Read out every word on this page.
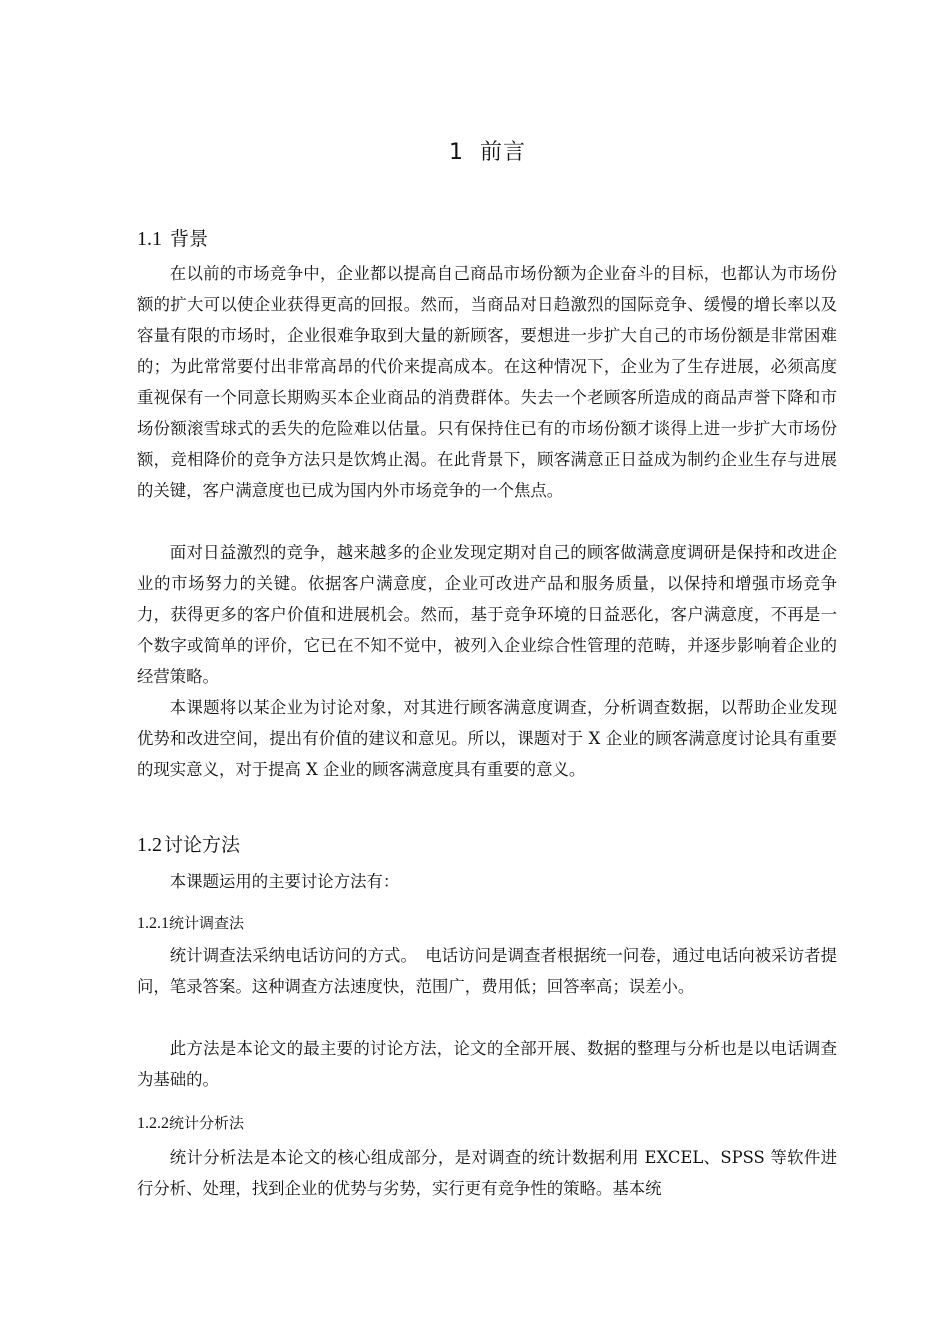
1 前言
1.1 背景

在以前的市场竞争中，企业都以提高自己商品市场份额为企业奋斗的目标，也都认为市场份额的扩大可以使企业获得更高的回报。然而，当商品对日趋激烈的国际竞争、缓慢的增长率以及容量有限的市场时，企业很难争取到大量的新顾客，要想进一步扩大自己的市场份额是非常困难的；为此常常要付出非常高昂的代价来提高成本。在这种情况下，企业为了生存进展，必须高度重视保有一个同意长期购买本企业商品的消费群体。失去一个老顾客所造成的商品声誉下降和市场份额滚雪球式的丢失的危险难以估量。只有保持住已有的市场份额才谈得上进一步扩大市场份额，竞相降价的竞争方法只是饮鸩止渴。在此背景下，顾客满意正日益成为制约企业生存与进展的关键，客户满意度也已成为国内外市场竞争的一个焦点。

面对日益激烈的竞争，越来越多的企业发现定期对自己的顾客做满意度调研是保持和改进企业的市场努力的关键。依据客户满意度，企业可改进产品和服务质量，以保持和增强市场竞争力，获得更多的客户价值和进展机会。然而，基于竞争环境的日益恶化，客户满意度，不再是一个数字或简单的评价，它已在不知不觉中，被列入企业综合性管理的范畴，并逐步影响着企业的经营策略。

本课题将以某企业为讨论对象，对其进行顾客满意度调查，分析调查数据，以帮助企业发现优势和改进空间，提出有价值的建议和意见。所以，课题对于 X 企业的顾客满意度讨论具有重要的现实意义，对于提高 X 企业的顾客满意度具有重要的意义。

1.2 讨论方法

本课题运用的主要讨论方法有：

1.2.1统计调查法

统计调查法采纳电话访问的方式。　电话访问是调查者根据统一问卷，通过电话向被采访者提问，笔录答案。这种调查方法速度快，范围广，费用低；回答率高；误差小。

此方法是本论文的最主要的讨论方法，论文的全部开展、数据的整理与分析也是以电话调查为基础的。

1.2.2统计分析法

统计分析法是本论文的核心组成部分，是对调查的统计数据利用 EXCEL、SPSS 等软件进行分析、处理，找到企业的优势与劣势，实行更有竞争性的策略。基本统
